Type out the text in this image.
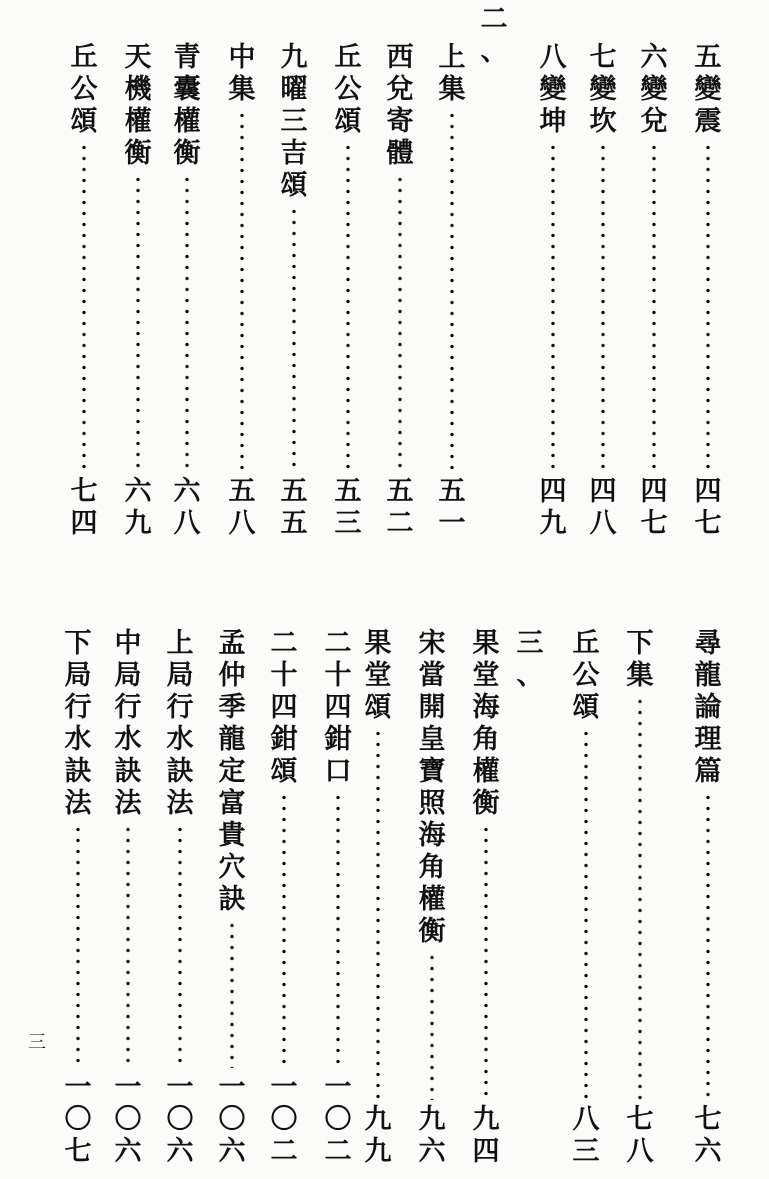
二
、	五
變
震
四
七
六
變
兌
四
七
七
變
坎
四
八
八
變
坤
四
九
上
集
五
一
西
兌
寄
體
五
二
丘
公
頌
五
三
九
曜
三
吉
頌
五
五
中
集
五
八
青
囊
權
衡
六
八
天
機
權
衡
六
九
丘
公
頌
七
四
三
、
尋
龍
論
理
篇
七
六
下
集
七
八
丘
公
頌
八
三
果
堂
海
角
權
衡
九
四
宋
當
開
皇
寶
照
海
角
權
衡
九
六
果
堂
頌
九
九
二
十
四
鉗
口
一
〇
二
二
十
四
鉗
頌
一
〇
二
孟
仲
季
龍
定
富
貴
穴
訣
一
〇
六
上
局
行
水
訣
法
一
〇
六
中
局
行
水
訣
法
一
〇
六
下
局
行
水
訣
法
一
〇
七
三
